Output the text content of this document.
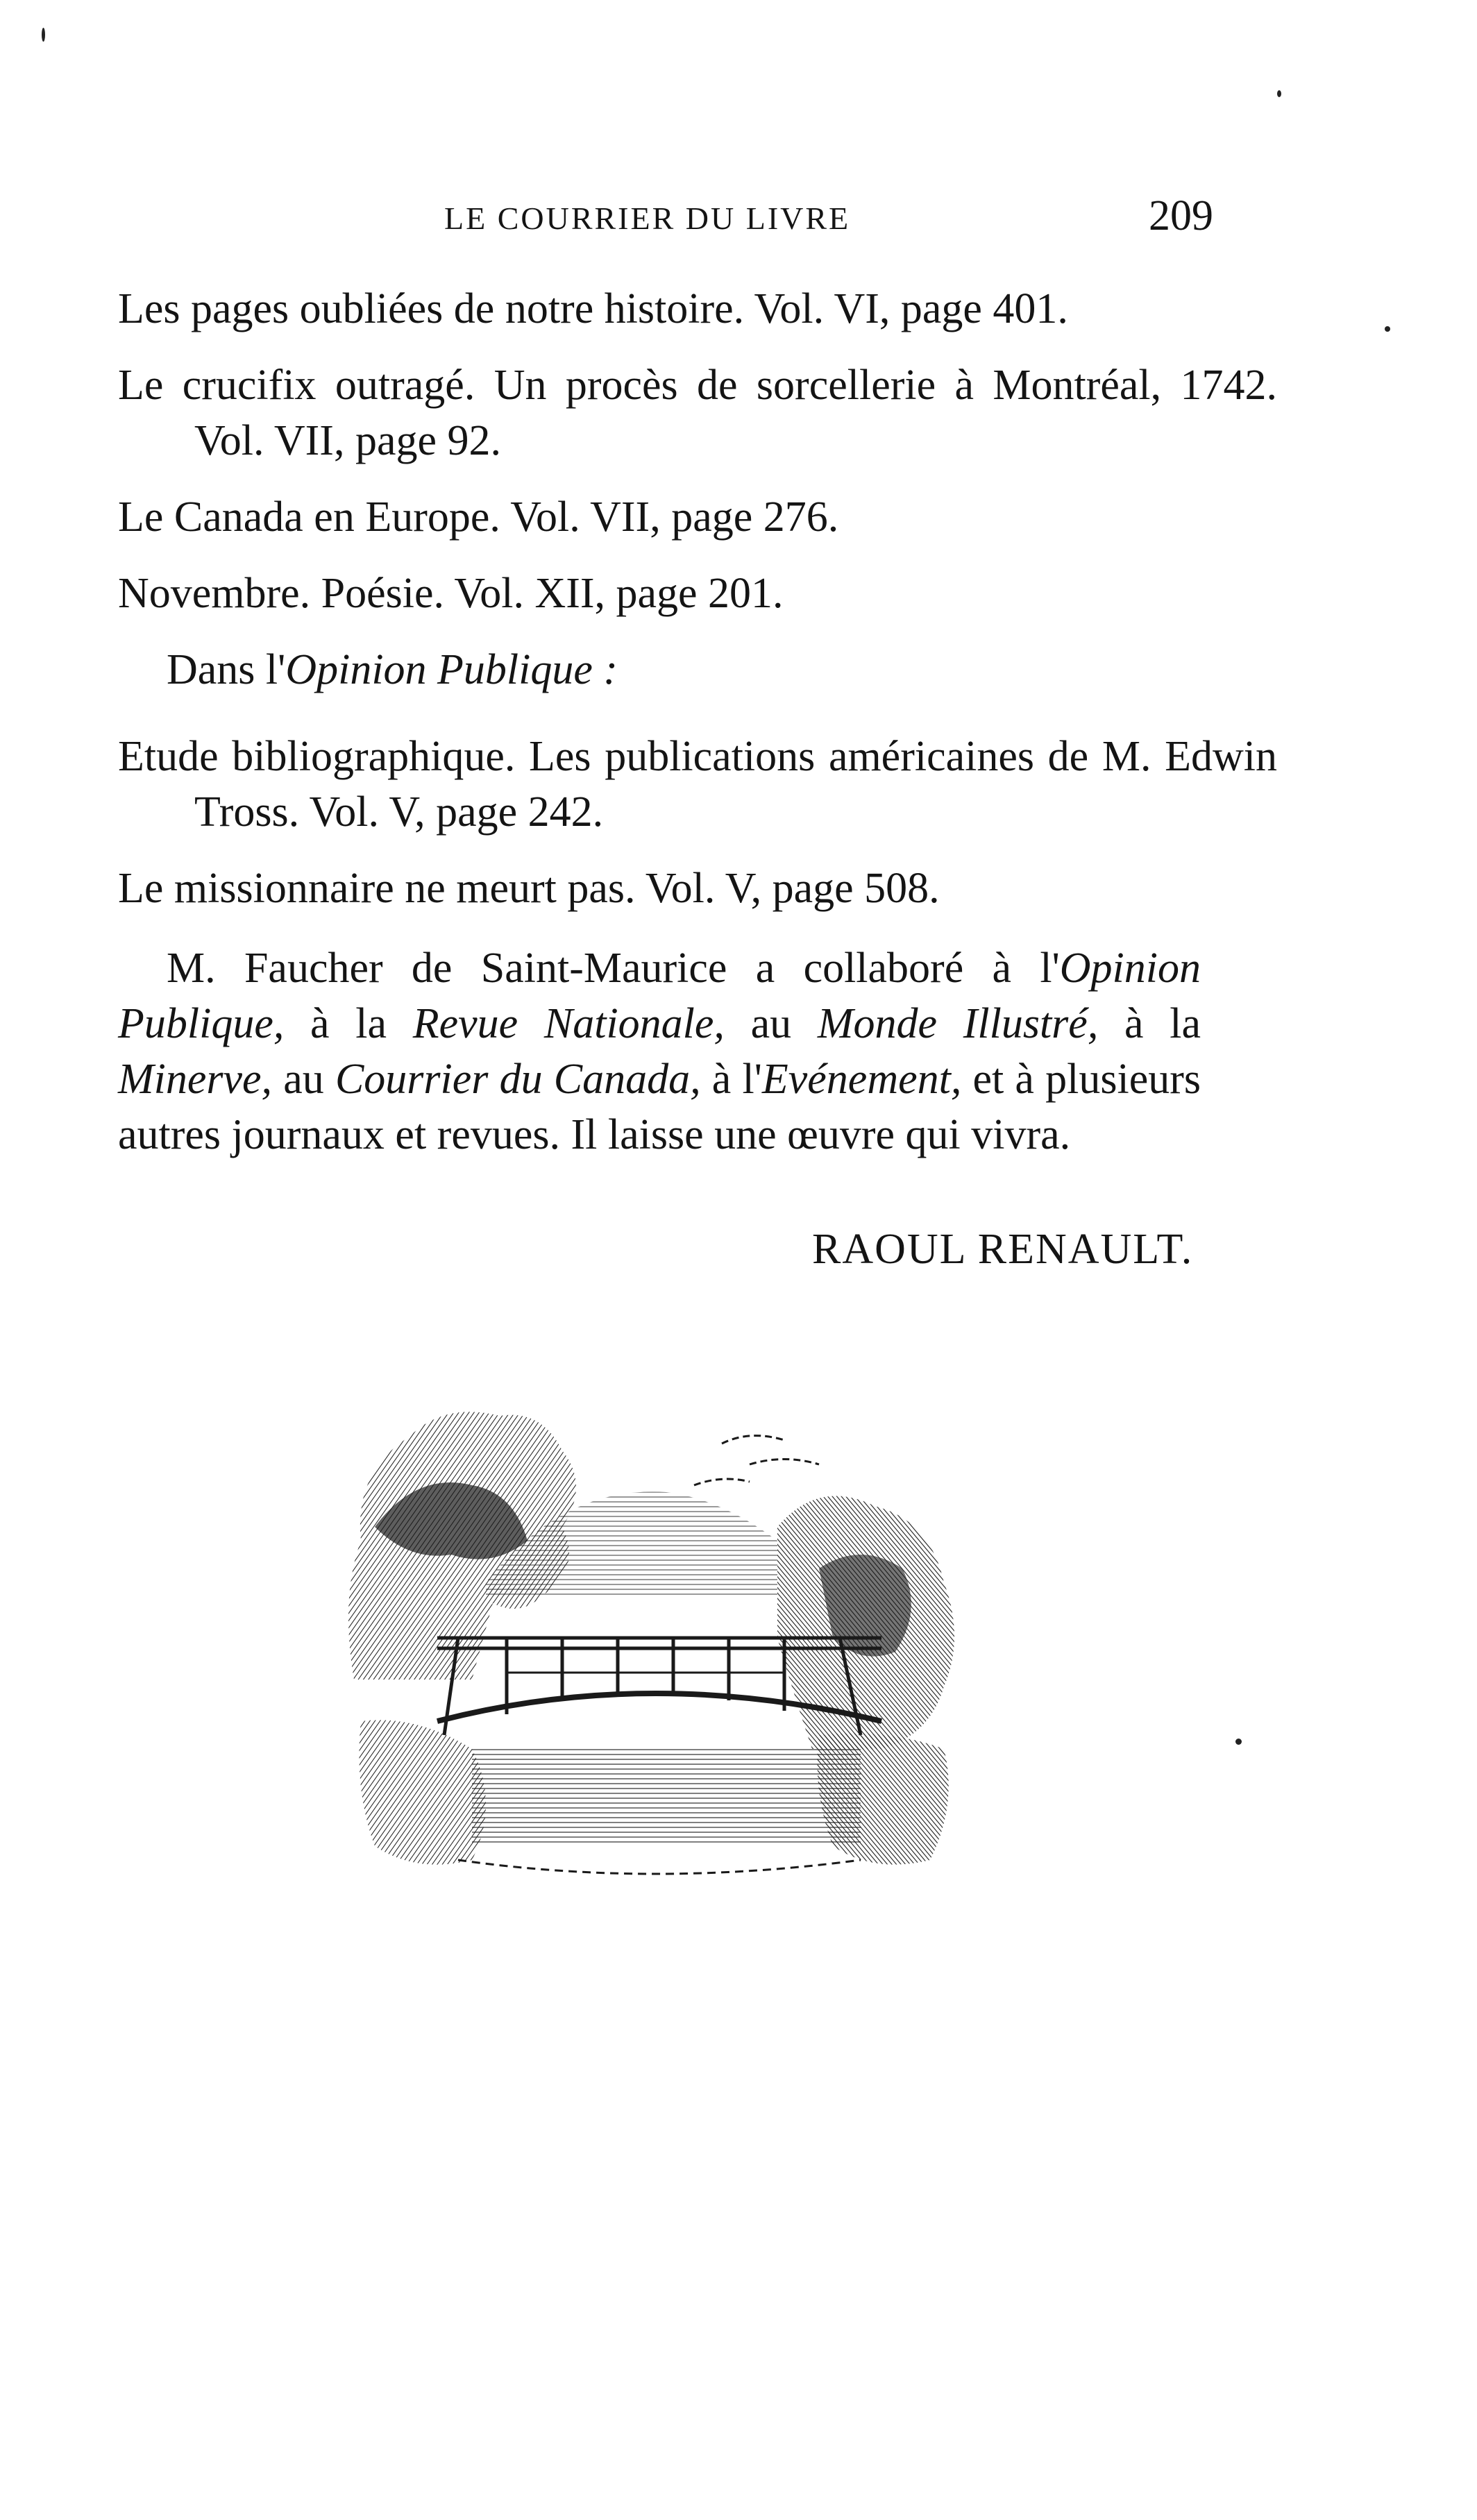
LE COURRIER DU LIVRE	209
Les pages oubliées de notre histoire. Vol. VI, page 401.
Le crucifix outragé. Un procès de sorcellerie à Montréal, 1742. Vol. VII, page 92.
Le Canada en Europe. Vol. VII, page 276.
Novembre. Poésie. Vol. XII, page 201.
Dans l'Opinion Publique :
Etude bibliographique. Les publications américaines de M. Edwin Tross. Vol. V, page 242.
Le missionnaire ne meurt pas. Vol. V, page 508.
M. Faucher de Saint-Maurice a collaboré à l'Opinion Publique, à la Revue Nationale, au Monde Illustré, à la Minerve, au Courrier du Canada, à l'Evénement, et à plusieurs autres journaux et revues. Il laisse une œuvre qui vivra.
RAOUL RENAULT.
